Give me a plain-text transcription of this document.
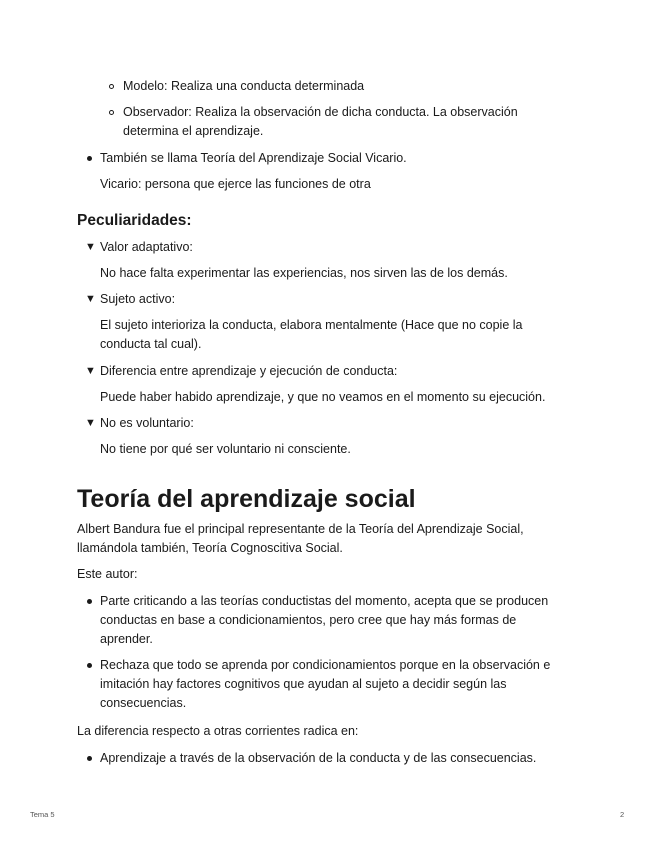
Modelo: Realiza una conducta determinada
Observador: Realiza la observación de dicha conducta. La observación
determina el aprendizaje.
También se llama Teoría del Aprendizaje Social Vicario.
Vicario: persona que ejerce las funciones de otra
Peculiaridades:
▼ Valor adaptativo:
No hace falta experimentar las experiencias, nos sirven las de los demás.
▼ Sujeto activo:
El sujeto interioriza la conducta, elabora mentalmente (Hace que no copie la
conducta tal cual).
▼ Diferencia entre aprendizaje y ejecución de conducta:
Puede haber habido aprendizaje, y que no veamos en el momento su ejecución.
▼ No es voluntario:
No tiene por qué ser voluntario ni consciente.
Teoría del aprendizaje social
Albert Bandura fue el principal representante de la Teoría del Aprendizaje Social,
llamándola también, Teoría Cognoscitiva Social.
Este autor:
Parte criticando a las teorías conductistas del momento, acepta que se producen
conductas en base a condicionamientos, pero cree que hay más formas de
aprender.
Rechaza que todo se aprenda por condicionamientos porque en la observación e
imitación hay factores cognitivos que ayudan al sujeto a decidir según las
consecuencias.
La diferencia respecto a otras corrientes radica en:
Aprendizaje a través de la observación de la conducta y de las consecuencias.
Tema 5	2
